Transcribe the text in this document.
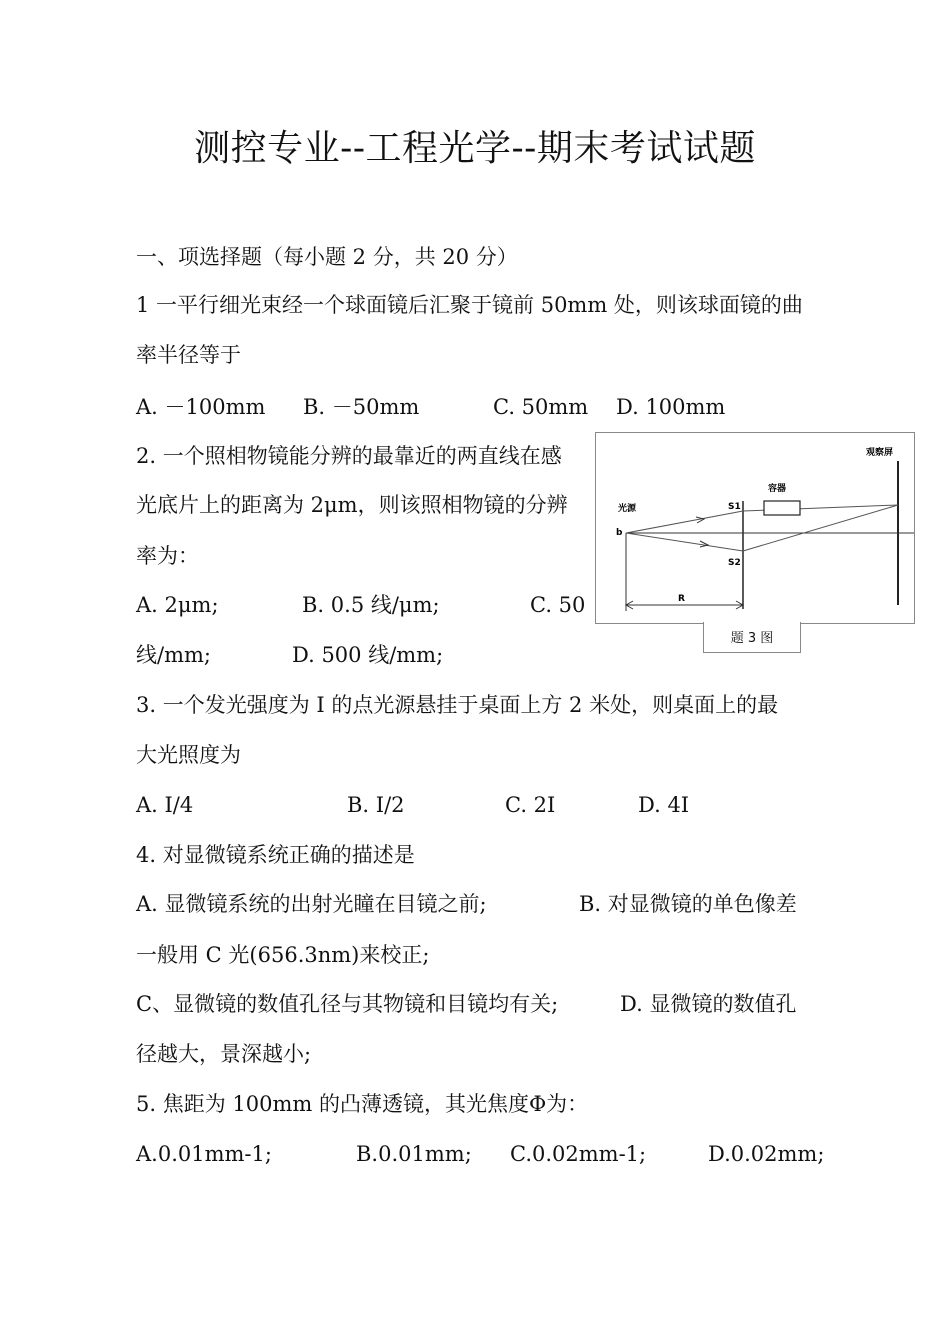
测控专业--工程光学--期末考试试题
一、项选择题（每小题 2 分，共 20 分）
1 一平行细光束经一个球面镜后汇聚于镜前 50mm 处，则该球面镜的曲
率半径等于
A. －100mm B. －50mm	C. 50mm D. 100mm
2. 一个照相物镜能分辨的最靠近的两直线在感
光底片上的距离为 2μm，则该照相物镜的分辨
率为：
A. 2μm;	B. 0.5 线/μm;	C. 50
线/mm;	D. 500 线/mm;
观察屏
光源
容器
b
S1
S2
R
题 3 图
3. 一个发光强度为 I 的点光源悬挂于桌面上方 2 米处，则桌面上的最
大光照度为
A. I/4	B. I/2	C. 2I	D. 4I
4. 对显微镜系统正确的描述是
A. 显微镜系统的出射光瞳在目镜之前;	B. 对显微镜的单色像差
一般用 C 光(656.3nm)来校正;
C、显微镜的数值孔径与其物镜和目镜均有关;	D. 显微镜的数值孔
径越大，景深越小;
5. 焦距为 100mm 的凸薄透镜，其光焦度Φ为：
A.0.01mm-1;	B.0.01mm; C.0.02mm-1;	D.0.02mm;
